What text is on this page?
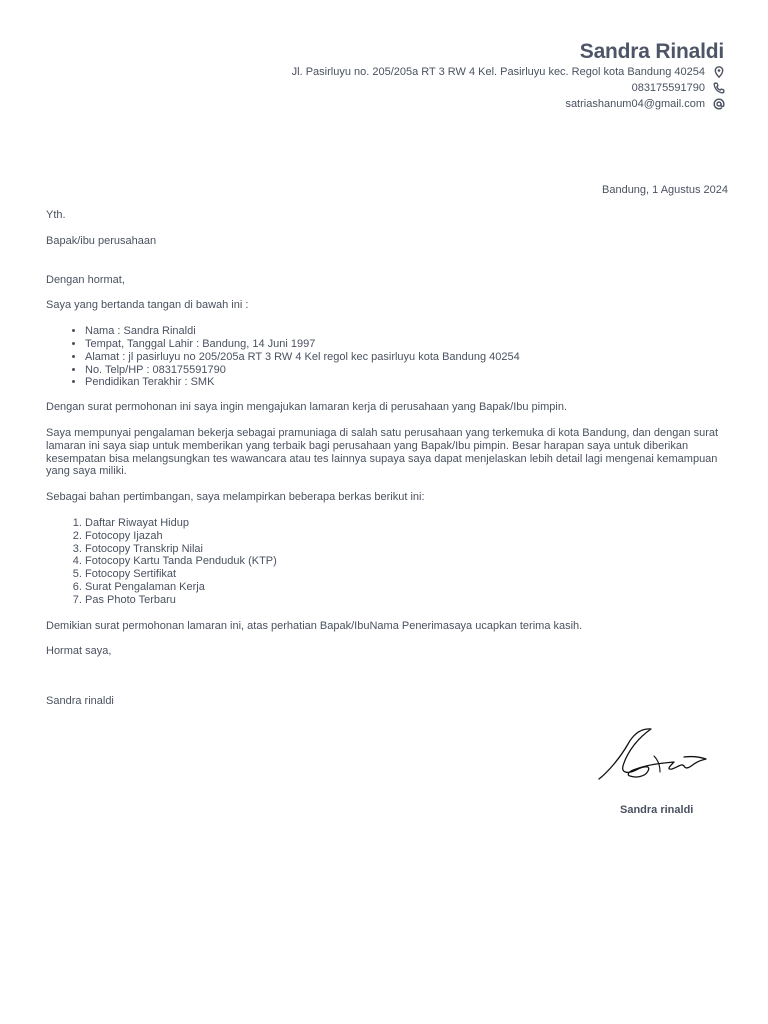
Sandra Rinaldi
Jl. Pasirluyu no. 205/205a RT 3 RW 4 Kel. Pasirluyu kec. Regol kota Bandung 40254
083175591790
satriashanum04@gmail.com
Bandung, 1 Agustus 2024

Yth.

Bapak/ibu perusahaan

Dengan hormat,

Saya yang bertanda tangan di bawah ini :

• Nama : Sandra Rinaldi
• Tempat, Tanggal Lahir : Bandung, 14 Juni 1997
• Alamat : jl pasirluyu no 205/205a RT 3 RW 4 Kel regol kec pasirluyu kota Bandung 40254
• No. Telp/HP : 083175591790
• Pendidikan Terakhir : SMK

Dengan surat permohonan ini saya ingin mengajukan lamaran kerja di perusahaan yang Bapak/Ibu pimpin.

Saya mempunyai pengalaman bekerja sebagai pramuniaga di salah satu perusahaan yang terkemuka di kota Bandung, dan dengan surat lamaran ini saya siap untuk memberikan yang terbaik bagi perusahaan yang Bapak/Ibu pimpin. Besar harapan saya untuk diberikan kesempatan bisa melangsungkan tes wawancara atau tes lainnya supaya saya dapat menjelaskan lebih detail lagi mengenai kemampuan yang saya miliki.

Sebagai bahan pertimbangan, saya melampirkan beberapa berkas berikut ini:

1. Daftar Riwayat Hidup
2. Fotocopy Ijazah
3. Fotocopy Transkrip Nilai
4. Fotocopy Kartu Tanda Penduduk (KTP)
5. Fotocopy Sertifikat
6. Surat Pengalaman Kerja
7. Pas Photo Terbaru

Demikian surat permohonan lamaran ini, atas perhatian Bapak/IbuNama Penerimasaya ucapkan terima kasih.

Hormat saya,

Sandra rinaldi

Sandra rinaldi
